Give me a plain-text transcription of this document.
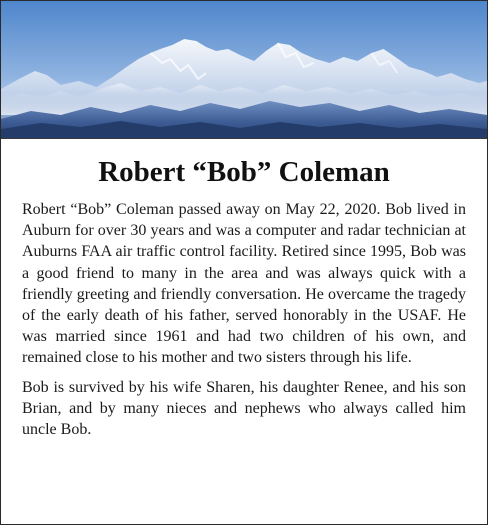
Robert “Bob” Coleman

Robert “Bob” Coleman passed away on May 22, 2020. Bob lived in Auburn for over 30 years and was a computer and radar technician at Auburns FAA air traffic control facility. Retired since 1995, Bob was a good friend to many in the area and was always quick with a friendly greeting and friendly conversation. He overcame the tragedy of the early death of his father, served honorably in the USAF. He was married since 1961 and had two children of his own, and remained close to his mother and two sisters through his life.

Bob is survived by his wife Sharen, his daughter Renee, and his son Brian, and by many nieces and nephews who always called him uncle Bob.
